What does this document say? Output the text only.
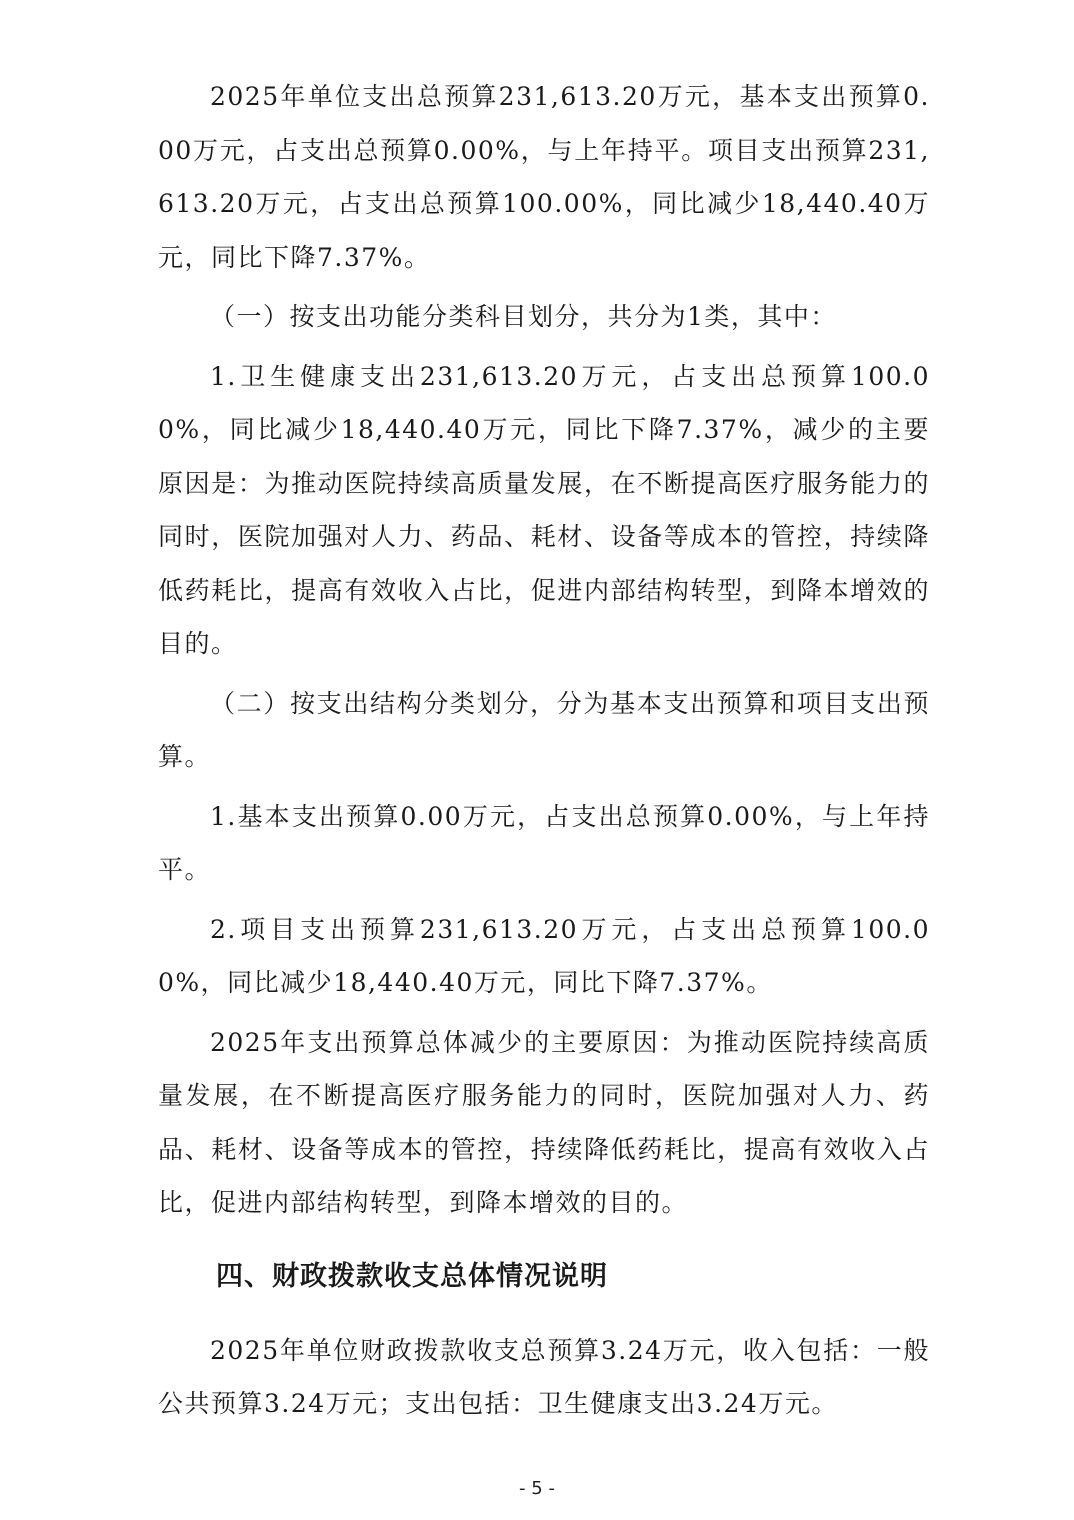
2025年单位支出总预算231,613.20万元，基本支出预算0.00万元，占支出总预算0.00%，与上年持平。项目支出预算231,613.20万元，占支出总预算100.00%，同比减少18,440.40万元，同比下降7.37%。

（一）按支出功能分类科目划分，共分为1类，其中：

1.卫生健康支出231,613.20万元，占支出总预算100.00%，同比减少18,440.40万元，同比下降7.37%，减少的主要原因是：为推动医院持续高质量发展，在不断提高医疗服务能力的同时，医院加强对人力、药品、耗材、设备等成本的管控，持续降低药耗比，提高有效收入占比，促进内部结构转型，到降本增效的目的。

（二）按支出结构分类划分，分为基本支出预算和项目支出预算。

1.基本支出预算0.00万元，占支出总预算0.00%，与上年持平。

2.项目支出预算231,613.20万元，占支出总预算100.00%，同比减少18,440.40万元，同比下降7.37%。

2025年支出预算总体减少的主要原因：为推动医院持续高质量发展，在不断提高医疗服务能力的同时，医院加强对人力、药品、耗材、设备等成本的管控，持续降低药耗比，提高有效收入占比，促进内部结构转型，到降本增效的目的。

四、财政拨款收支总体情况说明

2025年单位财政拨款收支总预算3.24万元，收入包括：一般公共预算3.24万元；支出包括：卫生健康支出3.24万元。

- 5 -
